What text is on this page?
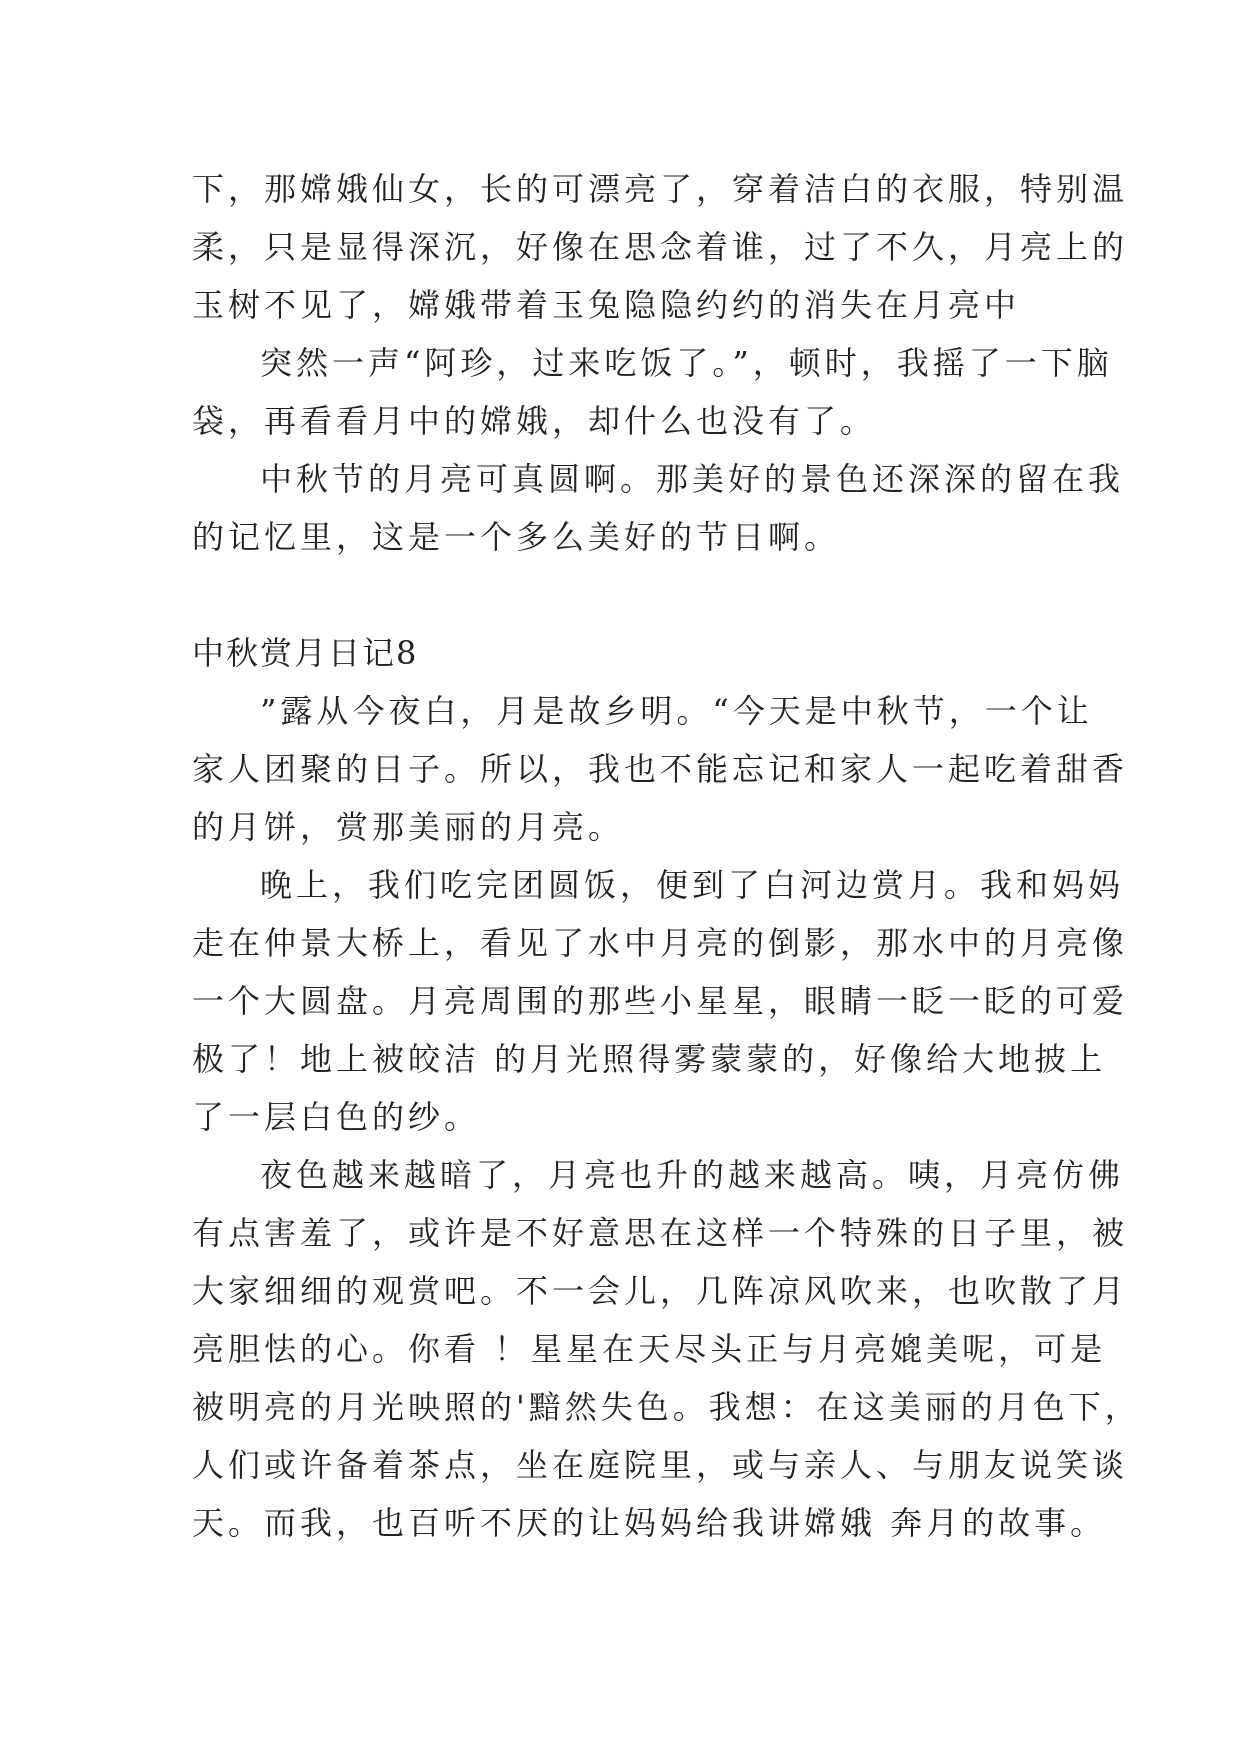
下，那嫦娥仙女，长的可漂亮了，穿着洁白的衣服，特别温
柔，只是显得深沉，好像在思念着谁，过了不久，月亮上的
玉树不见了，嫦娥带着玉兔隐隐约约的消失在月亮中
突然一声“阿珍，过来吃饭了。”，顿时，我摇了一下脑
袋，再看看月中的嫦娥，却什么也没有了。
中秋节的月亮可真圆啊。那美好的景色还深深的留在我
的记忆里，这是一个多么美好的节日啊。
中秋赏月日记8
”露从今夜白，月是故乡明。“今天是中秋节，一个让
家人团聚的日子。所以，我也不能忘记和家人一起吃着甜香
的月饼，赏那美丽的月亮。
晚上，我们吃完团圆饭，便到了白河边赏月。我和妈妈
走在仲景大桥上，看见了水中月亮的倒影，那水中的月亮像
一个大圆盘。月亮周围的那些小星星，眼睛一眨一眨的可爱
极了！地上被皎洁 的月光照得雾蒙蒙的，好像给大地披上
了一层白色的纱。
夜色越来越暗了，月亮也升的越来越高。咦，月亮仿佛
有点害羞了，或许是不好意思在这样一个特殊的日子里，被
大家细细的观赏吧。不一会儿，几阵凉风吹来，也吹散了月
亮胆怯的心。你看 ！星星在天尽头正与月亮媲美呢，可是
被明亮的月光映照的'黯然失色。我想：在这美丽的月色下，
人们或许备着茶点，坐在庭院里，或与亲人、与朋友说笑谈
天。而我，也百听不厌的让妈妈给我讲嫦娥 奔月的故事。
